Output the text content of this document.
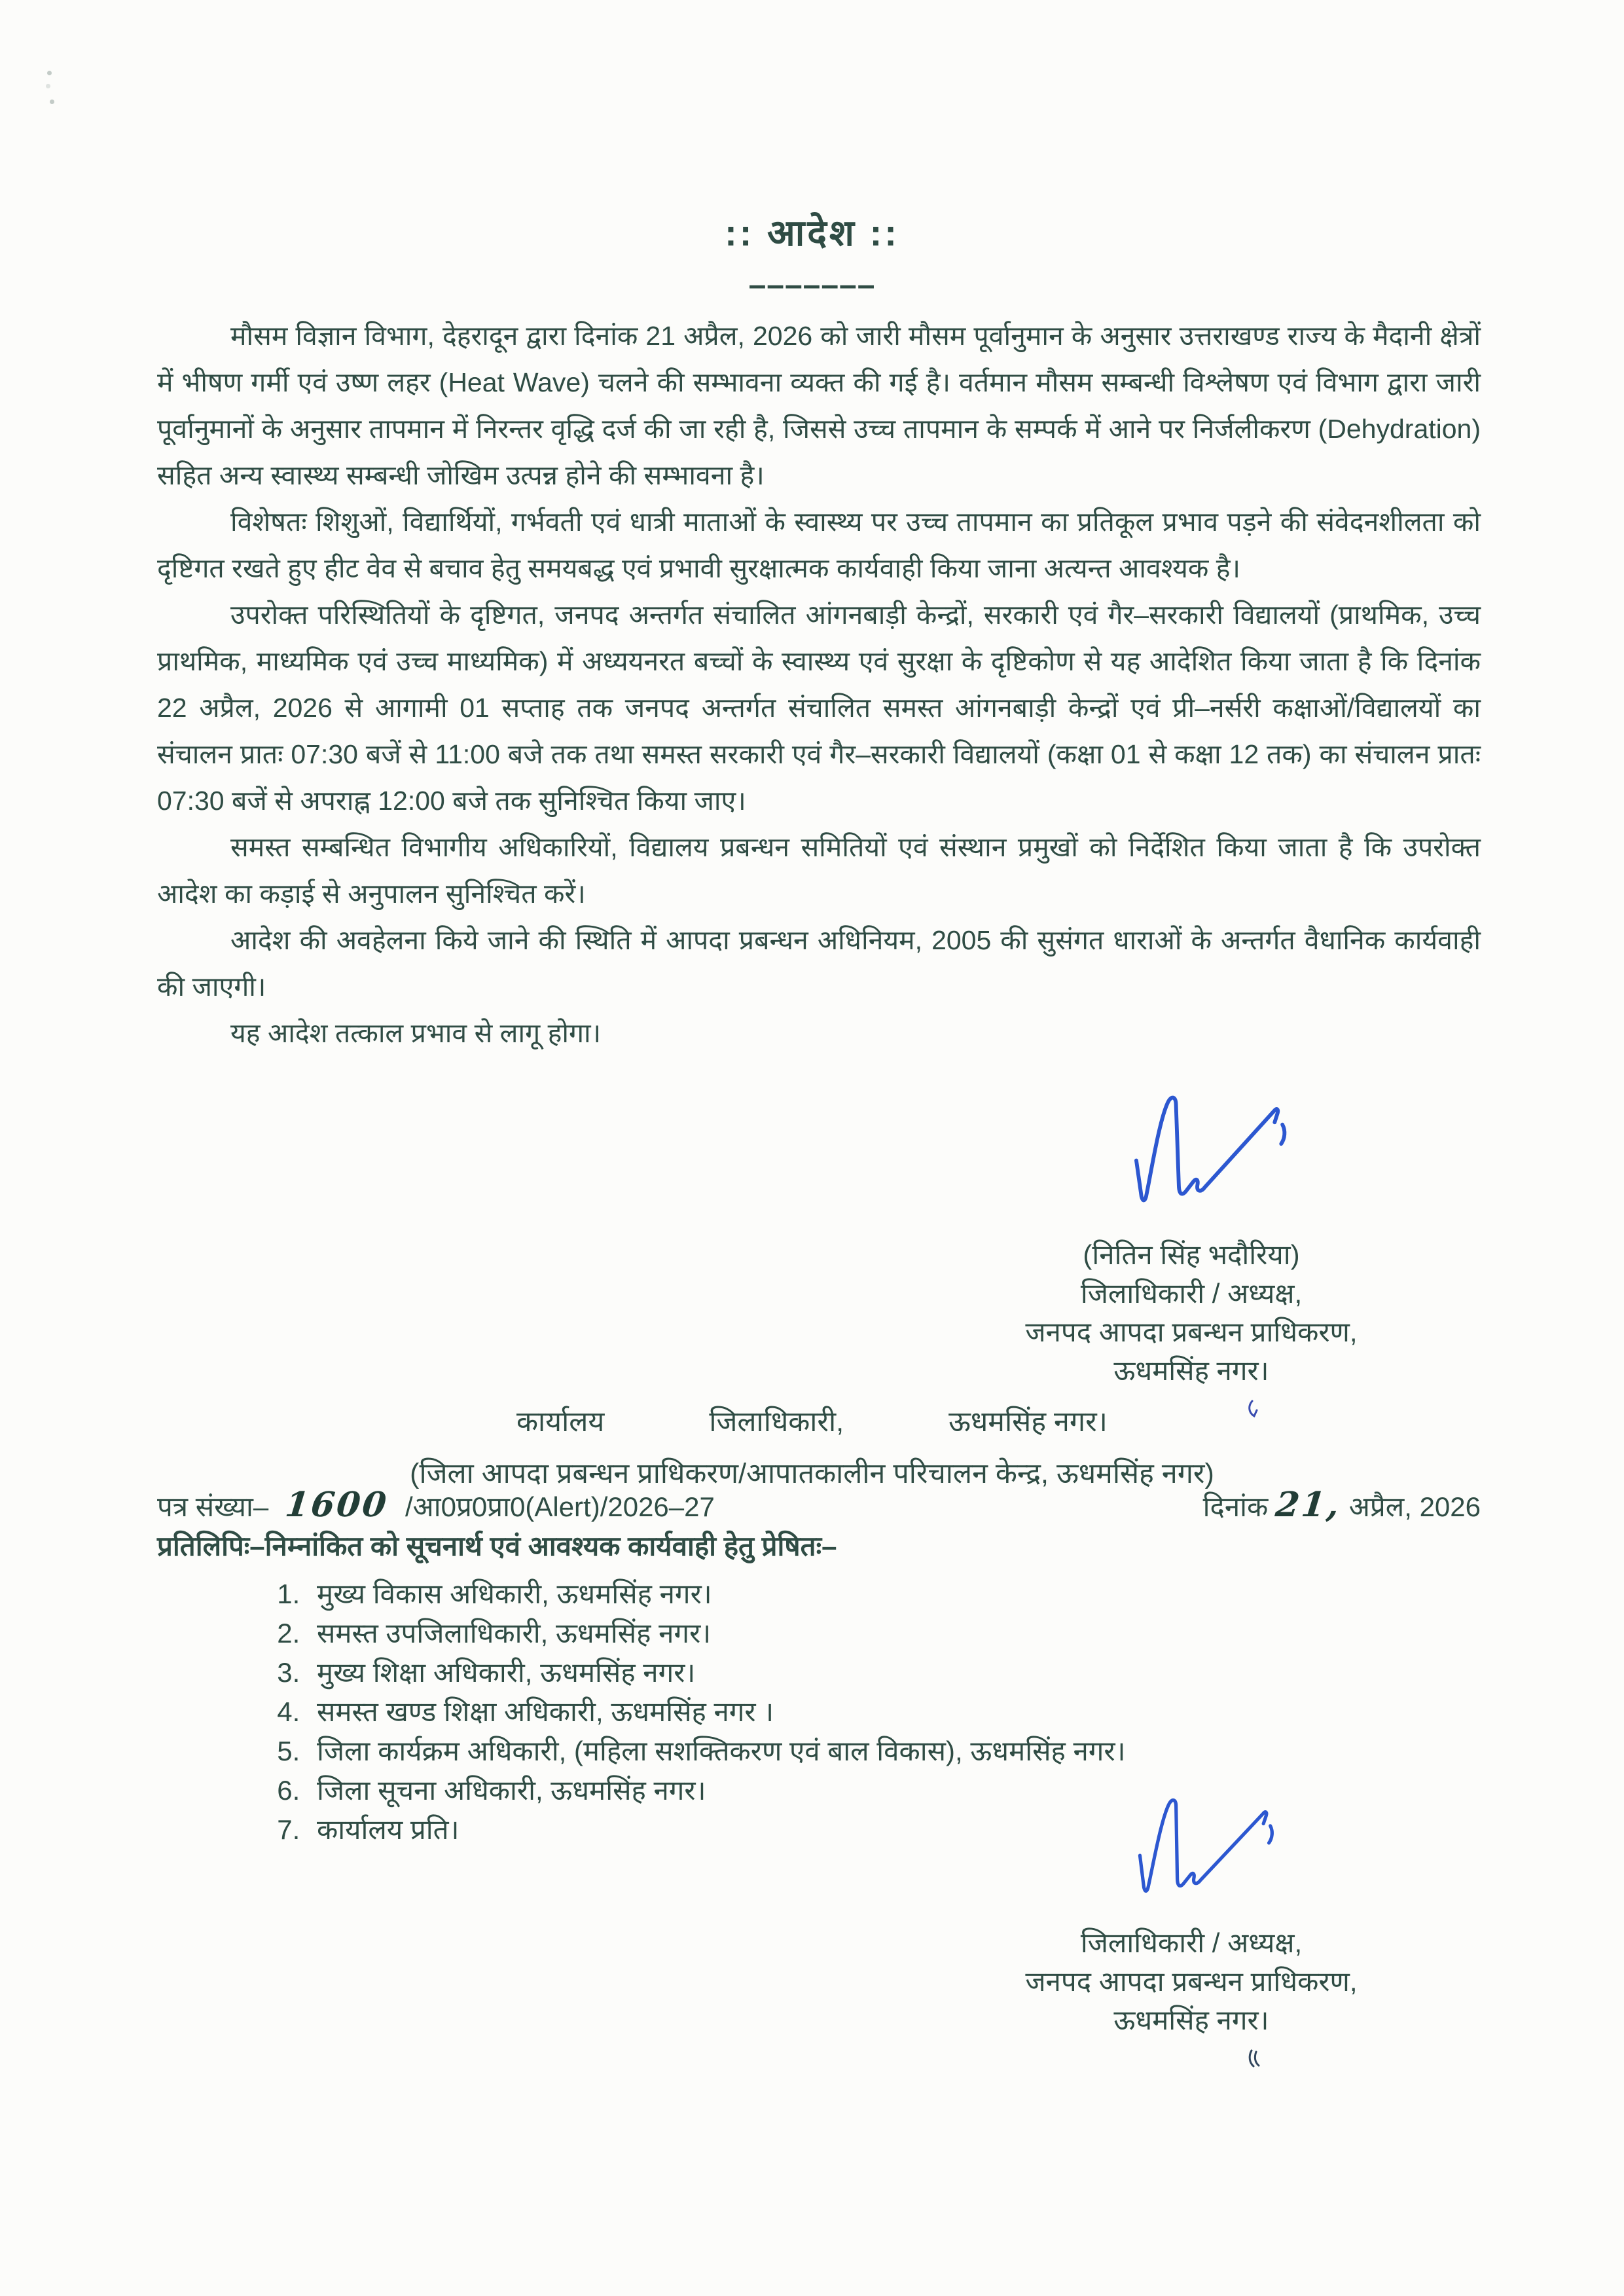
:: आदेश ::
–––––––

मौसम विज्ञान विभाग, देहरादून द्वारा दिनांक 21 अप्रैल, 2026 को जारी मौसम पूर्वानुमान के अनुसार उत्तराखण्ड राज्य के मैदानी क्षेत्रों में भीषण गर्मी एवं उष्ण लहर (Heat Wave) चलने की सम्भावना व्यक्त की गई है। वर्तमान मौसम सम्बन्धी विश्लेषण एवं विभाग द्वारा जारी पूर्वानुमानों के अनुसार तापमान में निरन्तर वृद्धि दर्ज की जा रही है, जिससे उच्च तापमान के सम्पर्क में आने पर निर्जलीकरण (Dehydration) सहित अन्य स्वास्थ्य सम्बन्धी जोखिम उत्पन्न होने की सम्भावना है।

विशेषतः शिशुओं, विद्यार्थियों, गर्भवती एवं धात्री माताओं के स्वास्थ्य पर उच्च तापमान का प्रतिकूल प्रभाव पड़ने की संवेदनशीलता को दृष्टिगत रखते हुए हीट वेव से बचाव हेतु समयबद्ध एवं प्रभावी सुरक्षात्मक कार्यवाही किया जाना अत्यन्त आवश्यक है।

उपरोक्त परिस्थितियों के दृष्टिगत, जनपद अन्तर्गत संचालित आंगनबाड़ी केन्द्रों, सरकारी एवं गैर–सरकारी विद्यालयों (प्राथमिक, उच्च प्राथमिक, माध्यमिक एवं उच्च माध्यमिक) में अध्ययनरत बच्चों के स्वास्थ्य एवं सुरक्षा के दृष्टिकोण से यह आदेशित किया जाता है कि दिनांक 22 अप्रैल, 2026 से आगामी 01 सप्ताह तक जनपद अन्तर्गत संचालित समस्त आंगनबाड़ी केन्द्रों एवं प्री–नर्सरी कक्षाओं/विद्यालयों का संचालन प्रातः 07:30 बजें से 11:00 बजे तक तथा समस्त सरकारी एवं गैर–सरकारी विद्यालयों (कक्षा 01 से कक्षा 12 तक) का संचालन प्रातः 07:30 बजें से अपराह्न 12:00 बजे तक सुनिश्चित किया जाए।

समस्त सम्बन्धित विभागीय अधिकारियों, विद्यालय प्रबन्धन समितियों एवं संस्थान प्रमुखों को निर्देशित किया जाता है कि उपरोक्त आदेश का कड़ाई से अनुपालन सुनिश्चित करें।

आदेश की अवहेलना किये जाने की स्थिति में आपदा प्रबन्धन अधिनियम, 2005 की सुसंगत धाराओं के अन्तर्गत वैधानिक कार्यवाही की जाएगी।

यह आदेश तत्काल प्रभाव से लागू होगा।

(नितिन सिंह भदौरिया)
जिलाधिकारी / अध्यक्ष,
जनपद आपदा प्रबन्धन प्राधिकरण,
ऊधमसिंह नगर।
कार्यालय	जिलाधिकारी,	ऊधमसिंह नगर।
(जिला आपदा प्रबन्धन प्राधिकरण/आपातकालीन परिचालन केन्द्र, ऊधमसिंह नगर)
पत्र संख्या– 1600 /आ0प्र0प्रा0(Alert)/2026–27	दिनांक 21, अप्रैल, 2026

प्रतिलिपिः–निम्नांकित को सूचनार्थ एवं आवश्यक कार्यवाही हेतु प्रेषितः–

1. मुख्य विकास अधिकारी, ऊधमसिंह नगर।
2. समस्त उपजिलाधिकारी, ऊधमसिंह नगर।
3. मुख्य शिक्षा अधिकारी, ऊधमसिंह नगर।
4. समस्त खण्ड शिक्षा अधिकारी, ऊधमसिंह नगर ।
5. जिला कार्यक्रम अधिकारी, (महिला सशक्तिकरण एवं बाल विकास), ऊधमसिंह नगर।
6. जिला सूचना अधिकारी, ऊधमसिंह नगर।
7. कार्यालय प्रति।
जिलाधिकारी / अध्यक्ष,
जनपद आपदा प्रबन्धन प्राधिकरण,
ऊधमसिंह नगर।
